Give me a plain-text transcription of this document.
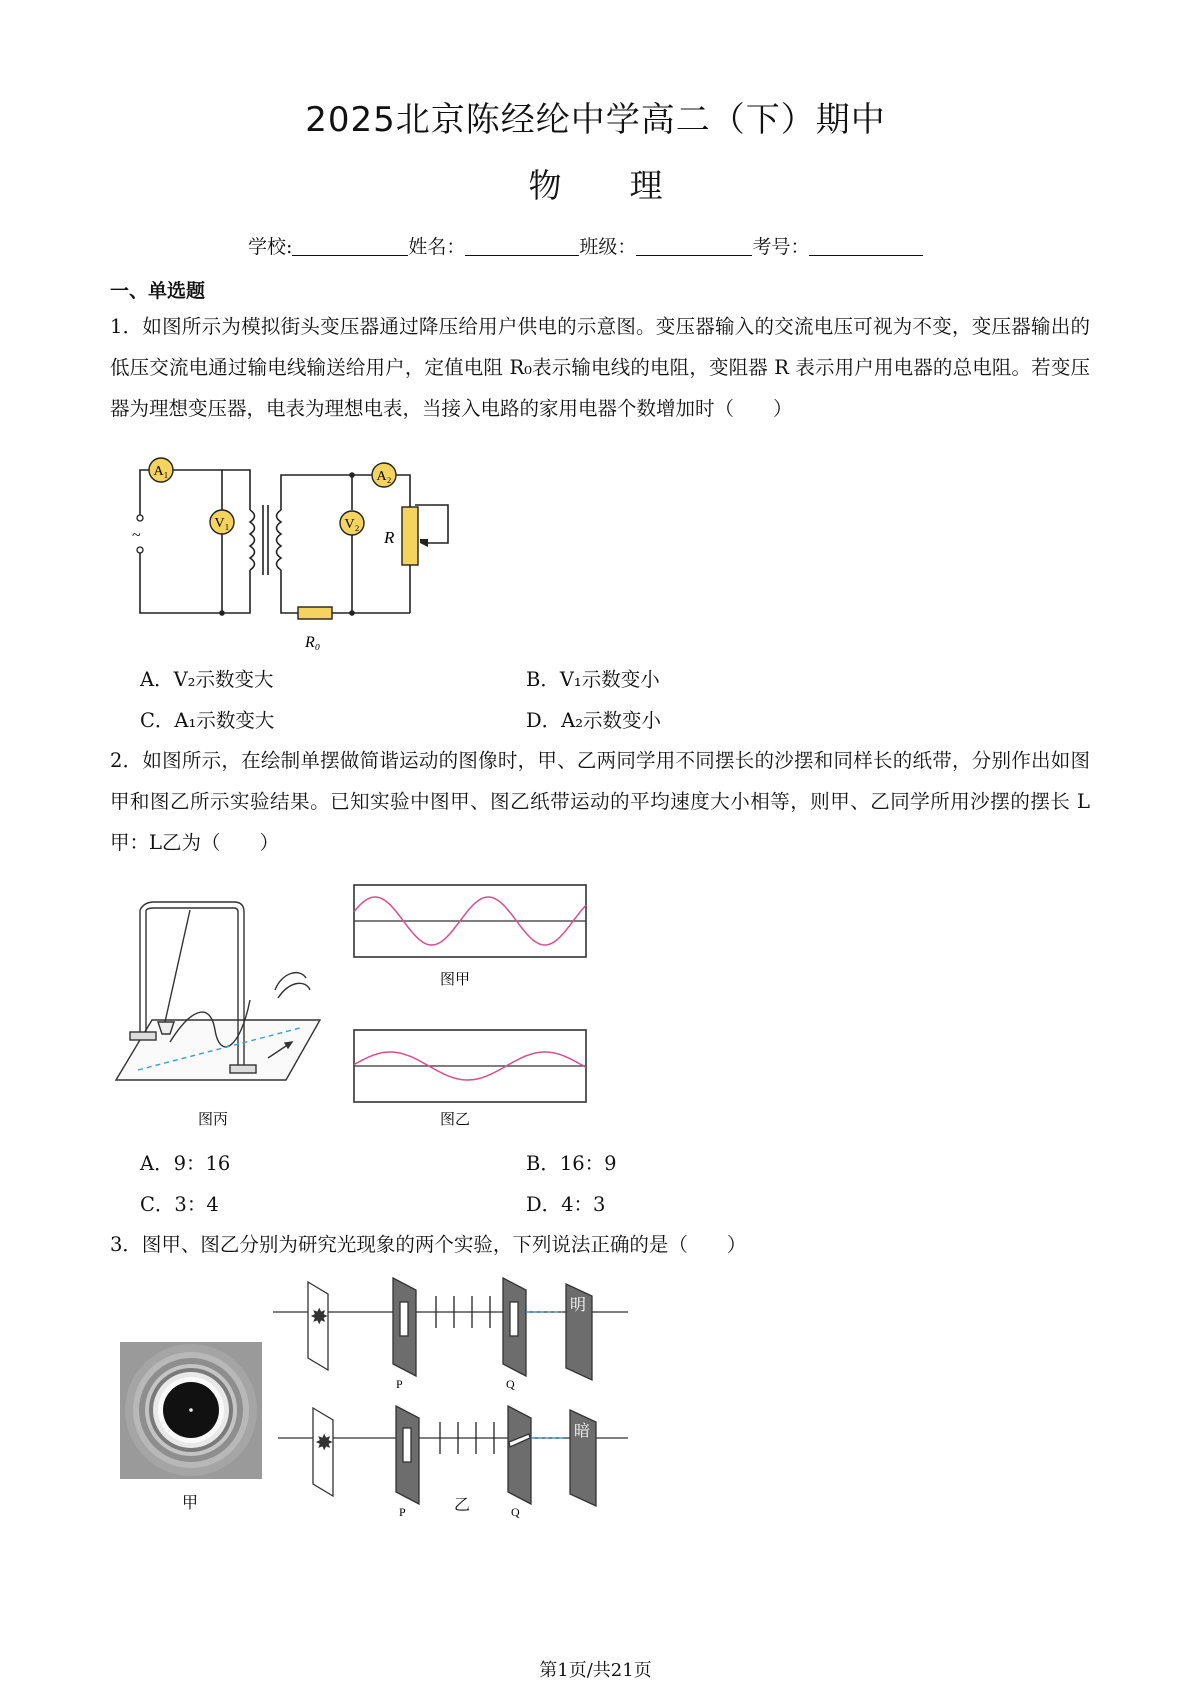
2025北京陈经纶中学高二（下）期中
物 理
学校:	姓名：	班级：	考号：
一、单选题
1．如图所示为模拟街头变压器通过降压给用户供电的示意图。变压器输入的交流电压可视为不变，变压器输出的低压交流电通过输电线输送给用户，定值电阻 R₀表示输电线的电阻，变阻器 R 表示用户用电器的总电阻。若变压器为理想变压器，电表为理想电表，当接入电路的家用电器个数增加时（　　）
A₁	A₂
V₁	V₂
~	R
R₀
A．V₂示数变大	B．V₁示数变小
C．A₁示数变大	D．A₂示数变小
2．如图所示，在绘制单摆做简谐运动的图像时，甲、乙两同学用不同摆长的沙摆和同样长的纸带，分别作出如图甲和图乙所示实验结果。已知实验中图甲、图乙纸带运动的平均速度大小相等，则甲、乙同学所用沙摆的摆长 L甲：L乙为（　　）
图丙
图甲
图乙
A．9：16	B．16：9
C．3：4	D．4：3
3．图甲、图乙分别为研究光现象的两个实验，下列说法正确的是（　　）
甲
✸
P	Q
明
✸
P	Q
暗
乙
第1页/共21页
